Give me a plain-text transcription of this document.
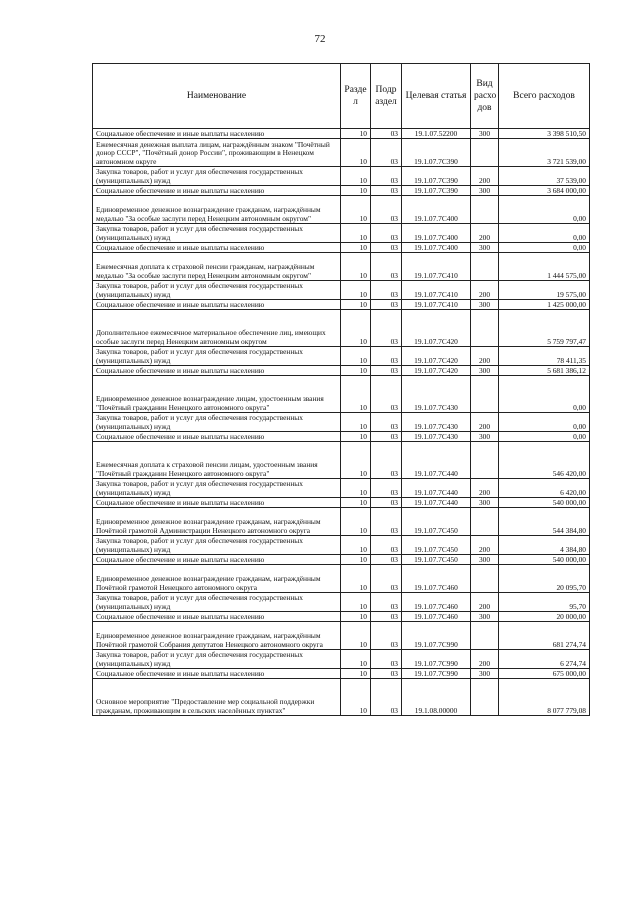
72
Наименование	Разде л	Подр аздел	Целевая статья	Вид расхо дов	Всего расходов
Социальное обеспечение и иные выплаты населению	10	03	19.1.07.52200	300	3 398 510,50
Ежемесячная денежная выплата лицам, награждённым знаком "Почётный донор СССР", "Почётный донор России", проживающим в Ненецком автономном округе	10	03	19.1.07.7С390		3 721 539,00
Закупка товаров, работ и услуг для обеспечения государственных (муниципальных) нужд	10	03	19.1.07.7С390	200	37 539,00
Социальное обеспечение и иные выплаты населению	10	03	19.1.07.7С390	300	3 684 000,00
Единовременное денежное вознаграждение гражданам, награждённым медалью "За особые заслуги перед Ненецким автономным округом"	10	03	19.1.07.7С400		0,00
Закупка товаров, работ и услуг для обеспечения государственных (муниципальных) нужд	10	03	19.1.07.7С400	200	0,00
Социальное обеспечение и иные выплаты населению	10	03	19.1.07.7С400	300	0,00
Ежемесячная доплата к страховой пенсии гражданам, награждённым медалью "За особые заслуги перед Ненецким автономным округом"	10	03	19.1.07.7С410		1 444 575,00
Закупка товаров, работ и услуг для обеспечения государственных (муниципальных) нужд	10	03	19.1.07.7С410	200	19 575,00
Социальное обеспечение и иные выплаты населению	10	03	19.1.07.7С410	300	1 425 000,00
Дополнительное ежемесячное материальное обеспечение лиц, имеющих особые заслуги перед Ненецким автономным округом	10	03	19.1.07.7С420		5 759 797,47
Закупка товаров, работ и услуг для обеспечения государственных (муниципальных) нужд	10	03	19.1.07.7С420	200	78 411,35
Социальное обеспечение и иные выплаты населению	10	03	19.1.07.7С420	300	5 681 386,12
Единовременное денежное вознаграждение лицам, удостоенным звания "Почётный гражданин Ненецкого автономного округа"	10	03	19.1.07.7С430		0,00
Закупка товаров, работ и услуг для обеспечения государственных (муниципальных) нужд	10	03	19.1.07.7С430	200	0,00
Социальное обеспечение и иные выплаты населению	10	03	19.1.07.7С430	300	0,00
Ежемесячная доплата к страховой пенсии лицам, удостоенным звания "Почётный гражданин Ненецкого автономного округа"	10	03	19.1.07.7С440		546 420,00
Закупка товаров, работ и услуг для обеспечения государственных (муниципальных) нужд	10	03	19.1.07.7С440	200	6 420,00
Социальное обеспечение и иные выплаты населению	10	03	19.1.07.7С440	300	540 000,00
Единовременное денежное вознаграждение гражданам, награждённым Почётной грамотой Администрации Ненецкого автономного округа	10	03	19.1.07.7С450		544 384,80
Закупка товаров, работ и услуг для обеспечения государственных (муниципальных) нужд	10	03	19.1.07.7С450	200	4 384,80
Социальное обеспечение и иные выплаты населению	10	03	19.1.07.7С450	300	540 000,00
Единовременное денежное вознаграждение гражданам, награждённым Почётной грамотой Ненецкого автономного округа	10	03	19.1.07.7С460		20 095,70
Закупка товаров, работ и услуг для обеспечения государственных (муниципальных) нужд	10	03	19.1.07.7С460	200	95,70
Социальное обеспечение и иные выплаты населению	10	03	19.1.07.7С460	300	20 000,00
Единовременное денежное вознаграждение гражданам, награждённым Почётной грамотой Собрания депутатов Ненецкого автономного округа	10	03	19.1.07.7С990		681 274,74
Закупка товаров, работ и услуг для обеспечения государственных (муниципальных) нужд	10	03	19.1.07.7С990	200	6 274,74
Социальное обеспечение и иные выплаты населению	10	03	19.1.07.7С990	300	675 000,00
Основное мероприятие "Предоставление мер социальной поддержки гражданам, проживающим в сельских населённых пунктах"	10	03	19.1.08.00000		8 077 779,08
